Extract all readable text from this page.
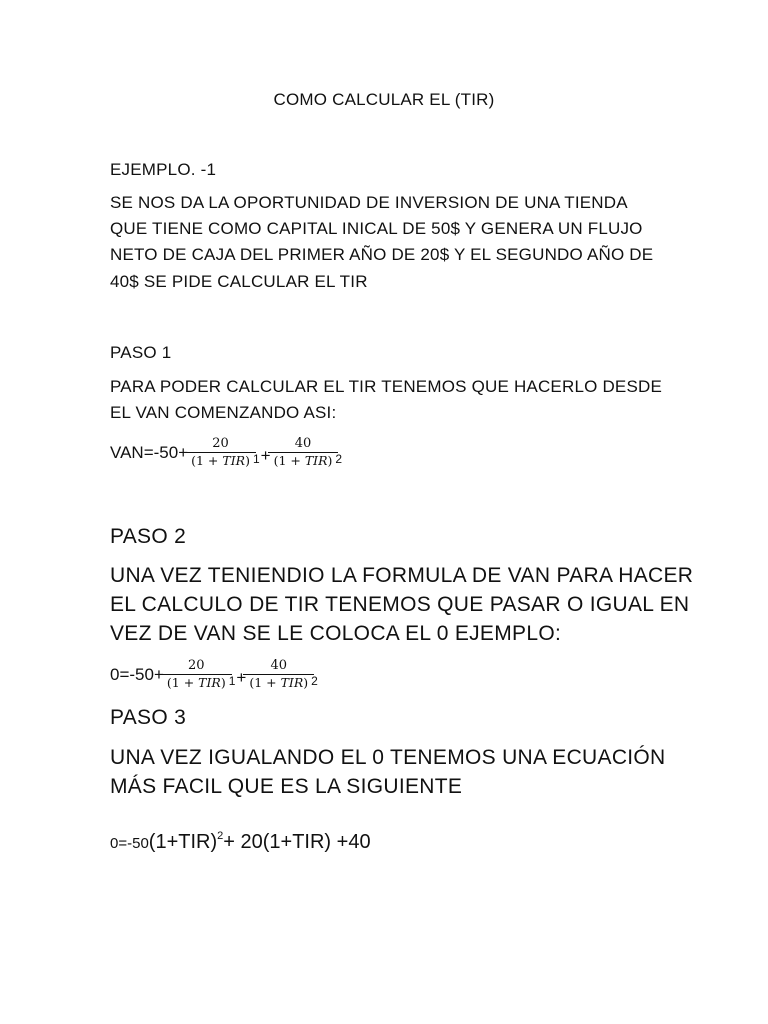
COMO CALCULAR EL (TIR)

EJEMPLO. -1

SE NOS DA LA OPORTUNIDAD DE INVERSION DE UNA TIENDA

QUE TIENE COMO CAPITAL INICAL DE 50$ Y GENERA UN FLUJO

NETO DE CAJA DEL PRIMER AÑO DE 20$ Y EL SEGUNDO AÑO DE

40$ SE PIDE CALCULAR EL TIR

PASO 1

PARA PODER CALCULAR EL TIR TENEMOS QUE HACERLO DESDE

EL VAN COMENZANDO ASI:

$VAN=-50+ \frac{20}{\text{(1 + TIR)}} 1 + \frac{40}{\text{(1 + TIR)}} 2$

PASO 2

UNA VEZ TENIENDIO LA FORMULA DE VAN PARA HACER

EL CALCULO DE TIR TENEMOS QUE PASAR O IGUAL EN

VEZ DE VAN SE LE COLOCA EL 0 EJEMPLO:

$0=-50+ \frac{20}{\text{(1 + TIR)}} 1 + \frac{40}{\text{(1 + TIR)}} 2$

PASO 3

UNA VEZ IGUALANDO EL 0 TENEMOS UNA ECUACIÓN

MÁS FACIL QUE ES LA SIGUIENTE

$0=-50(1+TIR)^2+ 20(1+TIR) +40$
